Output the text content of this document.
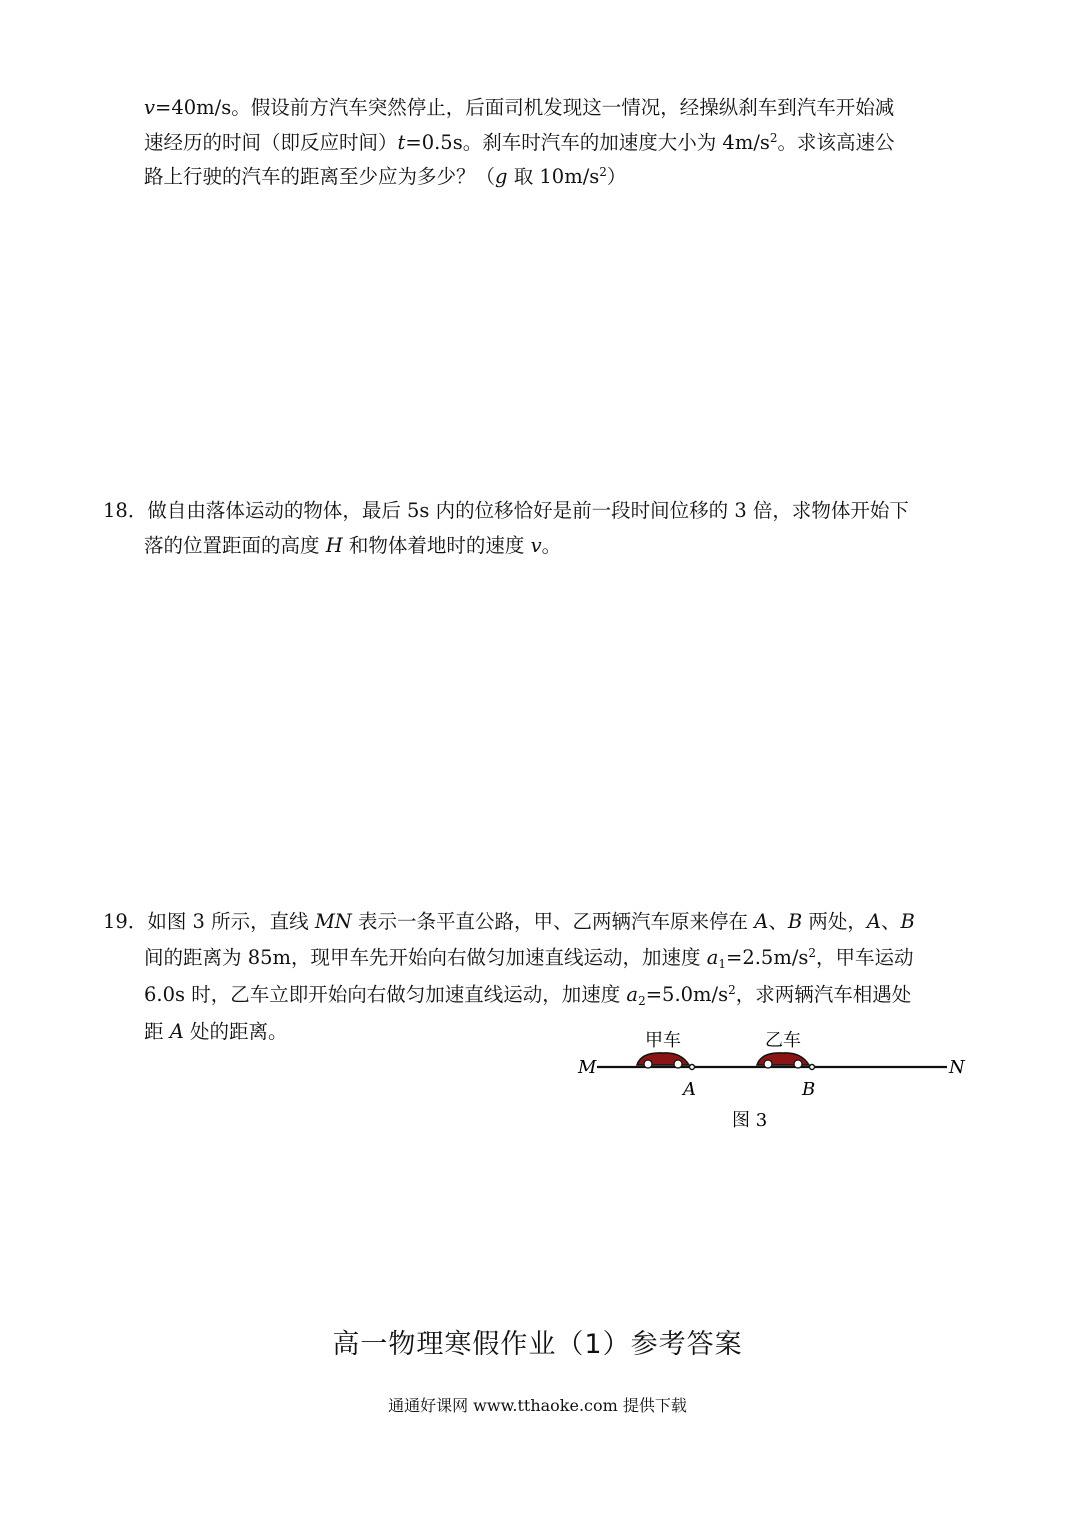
v=40m/s。假设前方汽车突然停止，后面司机发现这一情况，经操纵刹车到汽车开始减
速经历的时间（即反应时间）t=0.5s。刹车时汽车的加速度大小为 $4m/s^2$。求该高速公
路上行驶的汽车的距离至少应为多少？（g 取 $10m/s^2$）
18．做自由落体运动的物体，最后 5s 内的位移恰好是前一段时间位移的 3 倍，求物体开始下
落的位置距面的高度 H 和物体着地时的速度 v。
19．如图 3 所示，直线 MN 表示一条平直公路，甲、乙两辆汽车原来停在 A、B 两处，A、B
间的距离为 85m，现甲车先开始向右做匀加速直线运动，加速度 $a_1=2.5m/s^2$，甲车运动
6.0s 时，乙车立即开始向右做匀加速直线运动，加速度 $a_2=5.0m/s^2$，求两辆汽车相遇处
距 A 处的距离。
M	N
甲车	乙车
A	B
图 3
高一物理寒假作业（1）参考答案
通通好课网 www.tthaoke.com 提供下载
